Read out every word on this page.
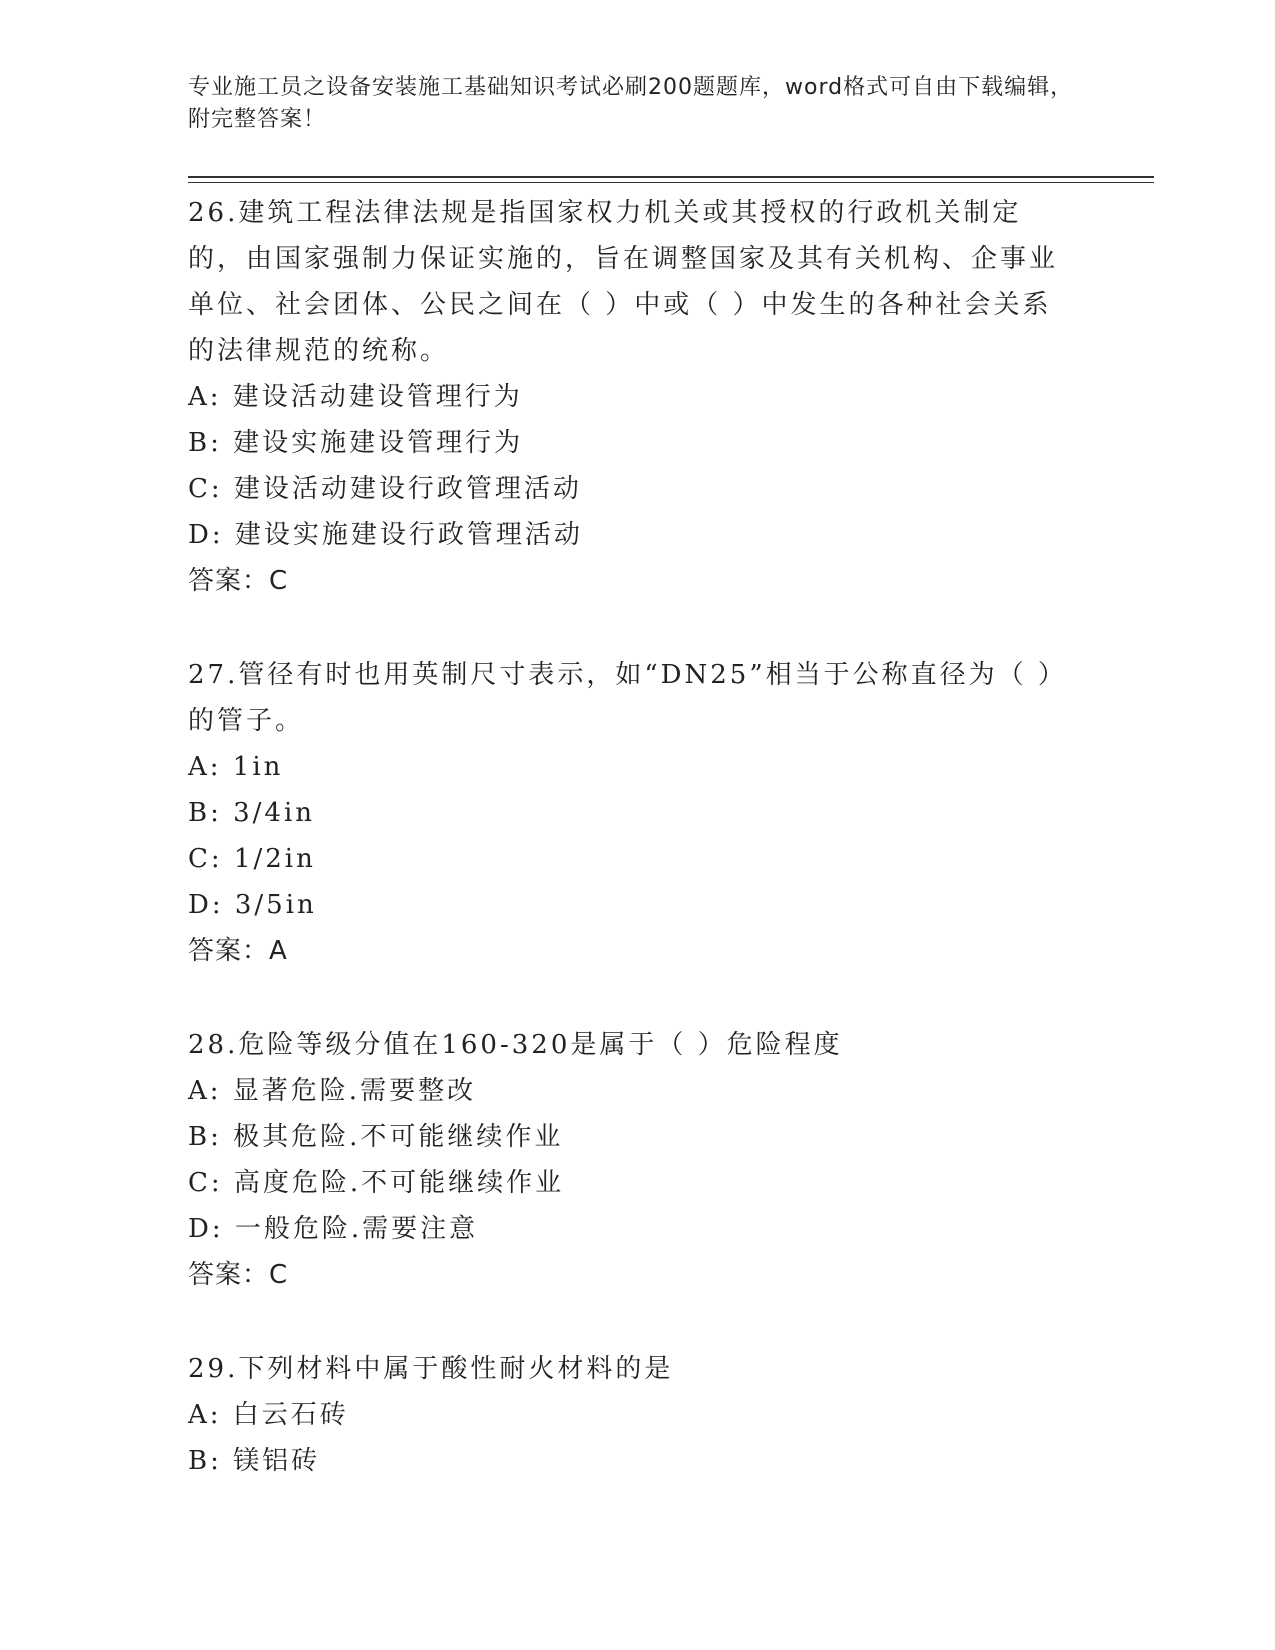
专业施工员之设备安装施工基础知识考试必刷200题题库，word格式可自由下载编辑，附完整答案！

26.建筑工程法律法规是指国家权力机关或其授权的行政机关制定的，由国家强制力保证实施的，旨在调整国家及其有关机构、企事业单位、社会团体、公民之间在（ ）中或（ ）中发生的各种社会关系的法律规范的统称。

A: 建设活动建设管理行为

B: 建设实施建设管理行为

C: 建设活动建设行政管理活动

D: 建设实施建设行政管理活动

答案：C

27.管径有时也用英制尺寸表示，如“DN25”相当于公称直径为（ ）的管子。

A: 1in

B: 3/4in

C: 1/2in

D: 3/5in

答案：A

28.危险等级分值在160-320是属于（ ）危险程度

A: 显著危险.需要整改

B: 极其危险.不可能继续作业

C: 高度危险.不可能继续作业

D: 一般危险.需要注意

答案：C

29.下列材料中属于酸性耐火材料的是

A: 白云石砖

B: 镁铝砖
